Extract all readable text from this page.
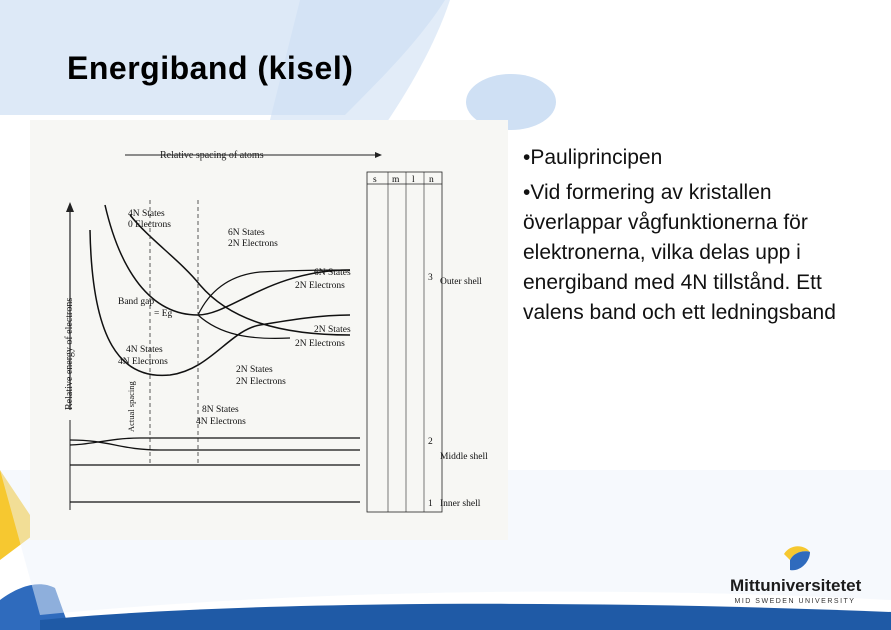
Energiband (kisel)
Relative spacing of atoms
Relative energy of electrons
4N States
0 Electrons
6N States
2N Electrons
6N States
2N Electrons
2N States
2N Electrons
4N States
4N Electrons
2N States
2N Electrons
8N States
4N Electrons
Band gap
= Eg
Actual spacing
s m l n
3
2
1
Outer shell
Middle shell
Inner shell
• Pauliprincipen
• Vid formering av kristallen överlappar vågfunktionerna för elektronerna, vilka delas upp i energiband med 4N tillstånd. Ett valens band och ett ledningsband
Mittuniversitetet
MID SWEDEN UNIVERSITY
